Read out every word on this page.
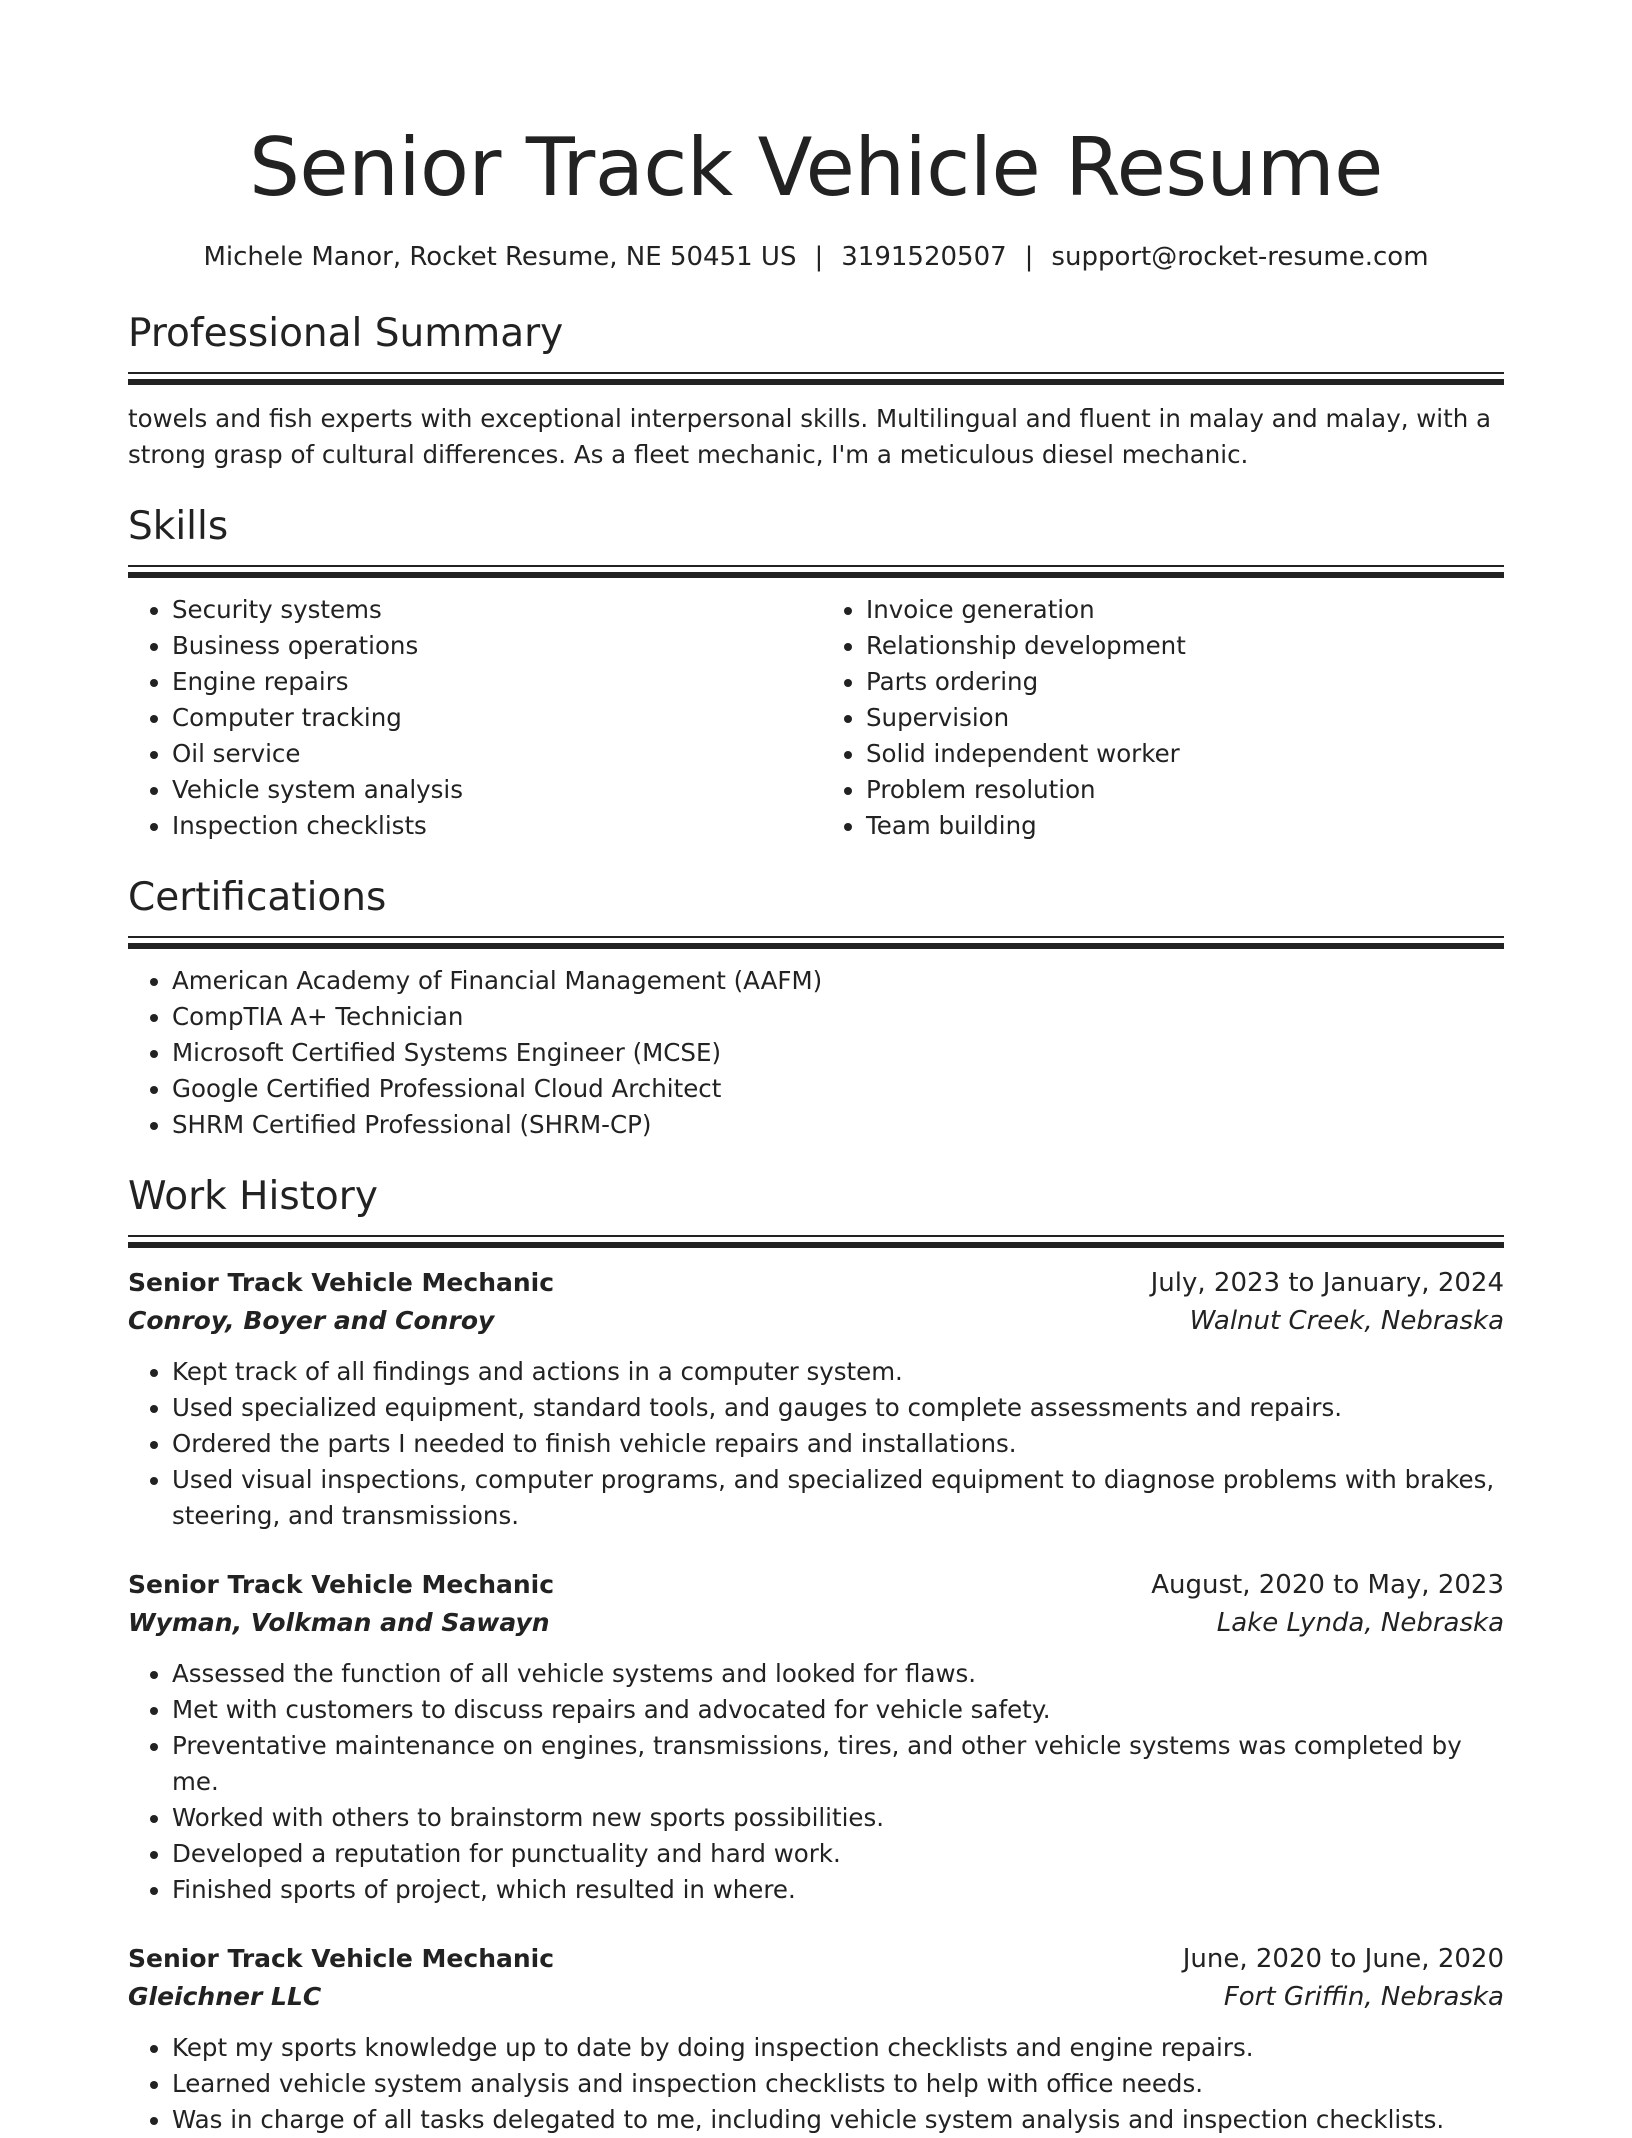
Senior Track Vehicle Resume
Michele Manor, Rocket Resume, NE 50451 US | 3191520507 | support@rocket-resume.com
Professional Summary

towels and fish experts with exceptional interpersonal skills. Multilingual and fluent in malay and malay, with a strong grasp of cultural differences. As a fleet mechanic, I'm a meticulous diesel mechanic.

Skills
• Security systems
• Business operations
• Engine repairs
• Computer tracking
• Oil service
• Vehicle system analysis
• Inspection checklists
• Invoice generation
• Relationship development
• Parts ordering
• Supervision
• Solid independent worker
• Problem resolution
• Team building
Certifications
• American Academy of Financial Management (AAFM)
• CompTIA A+ Technician
• Microsoft Certified Systems Engineer (MCSE)
• Google Certified Professional Cloud Architect
• SHRM Certified Professional (SHRM-CP)
Work History
Senior Track Vehicle Mechanic	July, 2023 to January, 2024
Conroy, Boyer and Conroy	Walnut Creek, Nebraska
• Kept track of all findings and actions in a computer system.
• Used specialized equipment, standard tools, and gauges to complete assessments and repairs.
• Ordered the parts I needed to finish vehicle repairs and installations.
• Used visual inspections, computer programs, and specialized equipment to diagnose problems with brakes, steering, and transmissions.
Senior Track Vehicle Mechanic	August, 2020 to May, 2023
Wyman, Volkman and Sawayn	Lake Lynda, Nebraska
• Assessed the function of all vehicle systems and looked for flaws.
• Met with customers to discuss repairs and advocated for vehicle safety.
• Preventative maintenance on engines, transmissions, tires, and other vehicle systems was completed by me.
• Worked with others to brainstorm new sports possibilities.
• Developed a reputation for punctuality and hard work.
• Finished sports of project, which resulted in where.
Senior Track Vehicle Mechanic	June, 2020 to June, 2020
Gleichner LLC	Fort Griffin, Nebraska
• Kept my sports knowledge up to date by doing inspection checklists and engine repairs.
• Learned vehicle system analysis and inspection checklists to help with office needs.
• Was in charge of all tasks delegated to me, including vehicle system analysis and inspection checklists.
